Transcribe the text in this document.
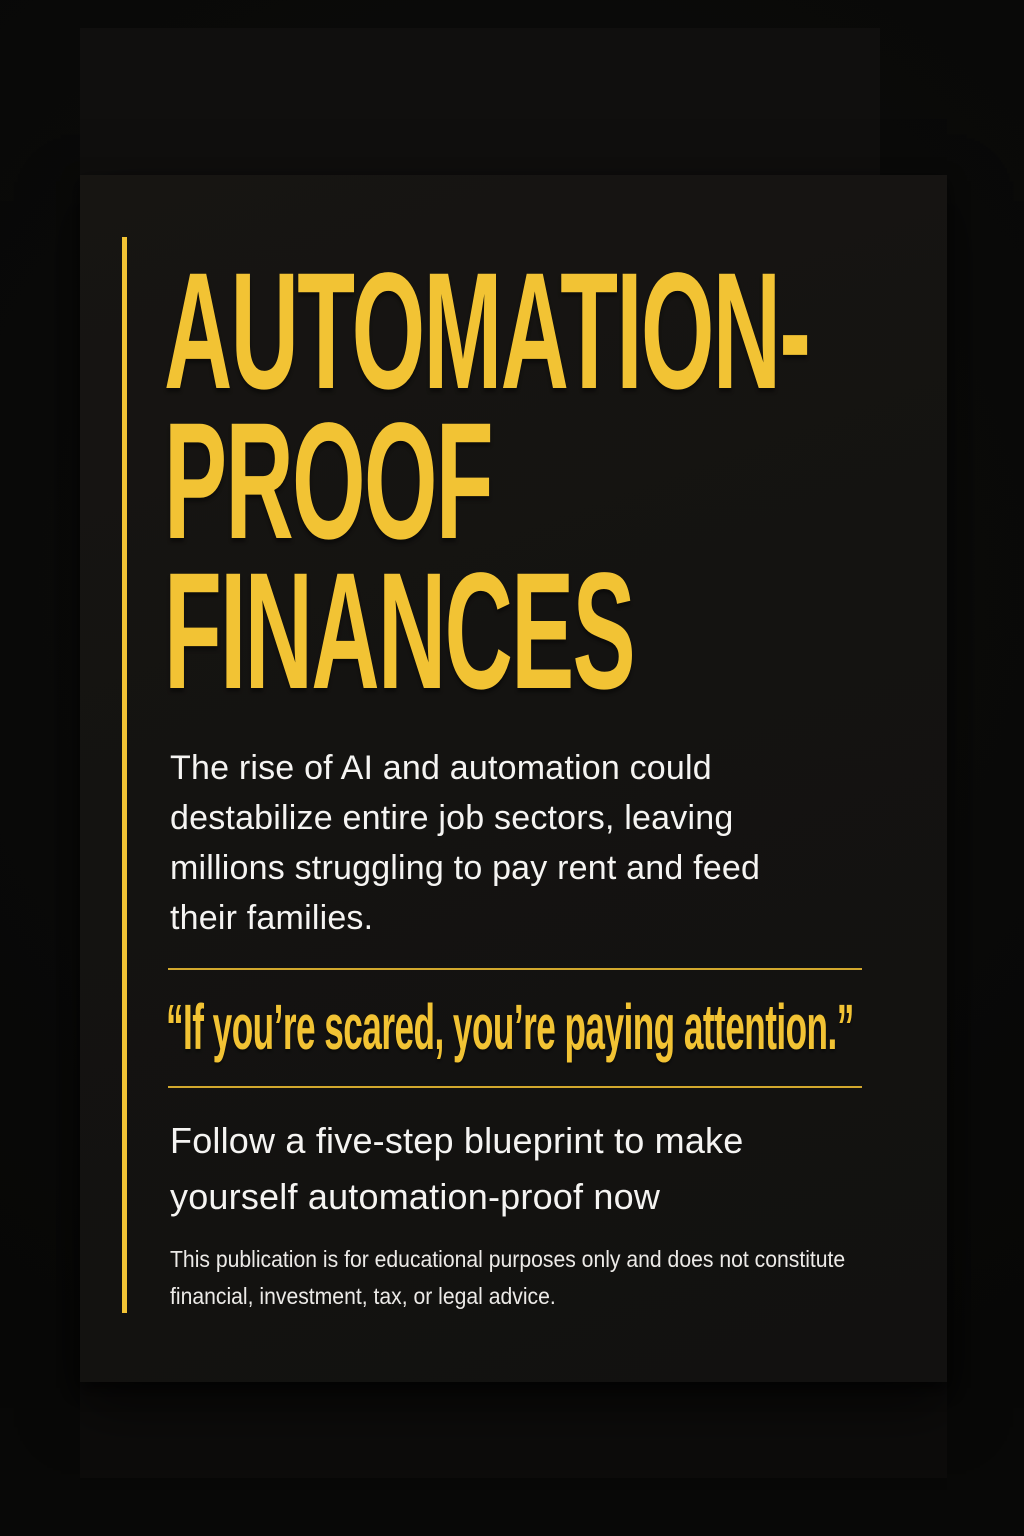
AUTOMATION-
PROOF
FINANCES

The rise of AI and automation could
destabilize entire job sectors, leaving
millions struggling to pay rent and feed
their families.

“If you’re scared, you’re paying attention.”

Follow a five-step blueprint to make
yourself automation-proof now

This publication is for educational purposes only and does not constitute
financial, investment, tax, or legal advice.
